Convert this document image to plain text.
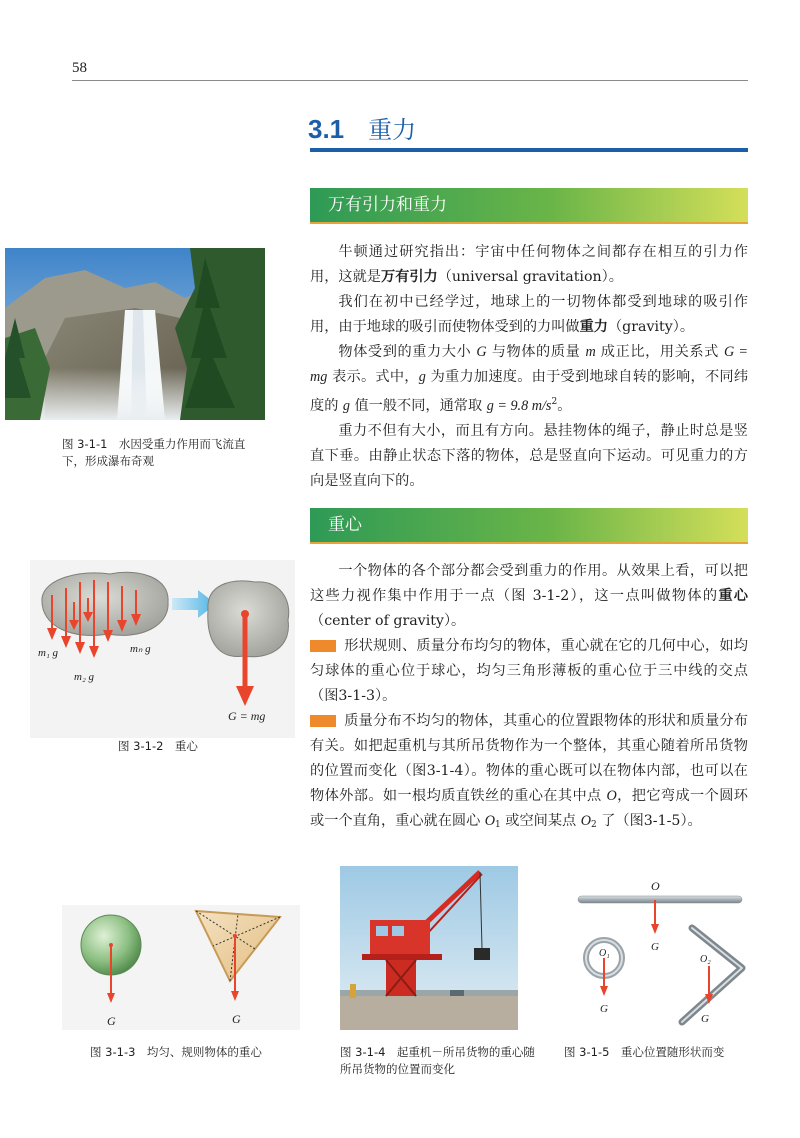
58
3.1 重力
万有引力和重力

牛顿通过研究指出：宇宙中任何物体之间都存在相互的引力作用，这就是万有引力（universal gravitation）。

我们在初中已经学过，地球上的一切物体都受到地球的吸引作用，由于地球的吸引而使物体受到的力叫做重力（gravity）。

物体受到的重力大小 G 与物体的质量 m 成正比，用关系式 G = mg 表示。式中，g 为重力加速度。由于受到地球自转的影响，不同纬度的 g 值一般不同，通常取 g = 9.8 $m/s^2$。

重力不但有大小，而且有方向。悬挂物体的绳子，静止时总是竖直下垂。由静止状态下落的物体，总是竖直向下运动。可见重力的方向是竖直向下的。

图 3-1-1　水因受重力作用而飞流直下，形成瀑布奇观
重心

一个物体的各个部分都会受到重力的作用。从效果上看，可以把这些力视作集中作用于一点（图 3-1-2），这一点叫做物体的重心（center of gravity）。

形状规则、质量分布均匀的物体，重心就在它的几何中心，如均匀球体的重心位于球心，均匀三角形薄板的重心位于三中线的交点（图3-1-3）。

质量分布不均匀的物体，其重心的位置跟物体的形状和质量分布有关。如把起重机与其所吊货物作为一个整体，其重心随着所吊货物的位置而变化（图3-1-4）。物体的重心既可以在物体内部，也可以在物体外部。如一根均质直铁丝的重心在其中点 O，把它弯成一个圆环或一个直角，重心就在圆心 $O_1$ 或空间某点 $O_2$ 了（图3-1-5）。

m₁ g	mₙ g
m₂ g
G = mg
图 3-1-2　重心
G	G
图 3-1-3　均匀、规则物体的重心	图 3-1-4　起重机－所吊货物的重心随所吊货物的位置而变化
O
G
O₁
G
O₂
G
图 3-1-5　重心位置随形状而变
